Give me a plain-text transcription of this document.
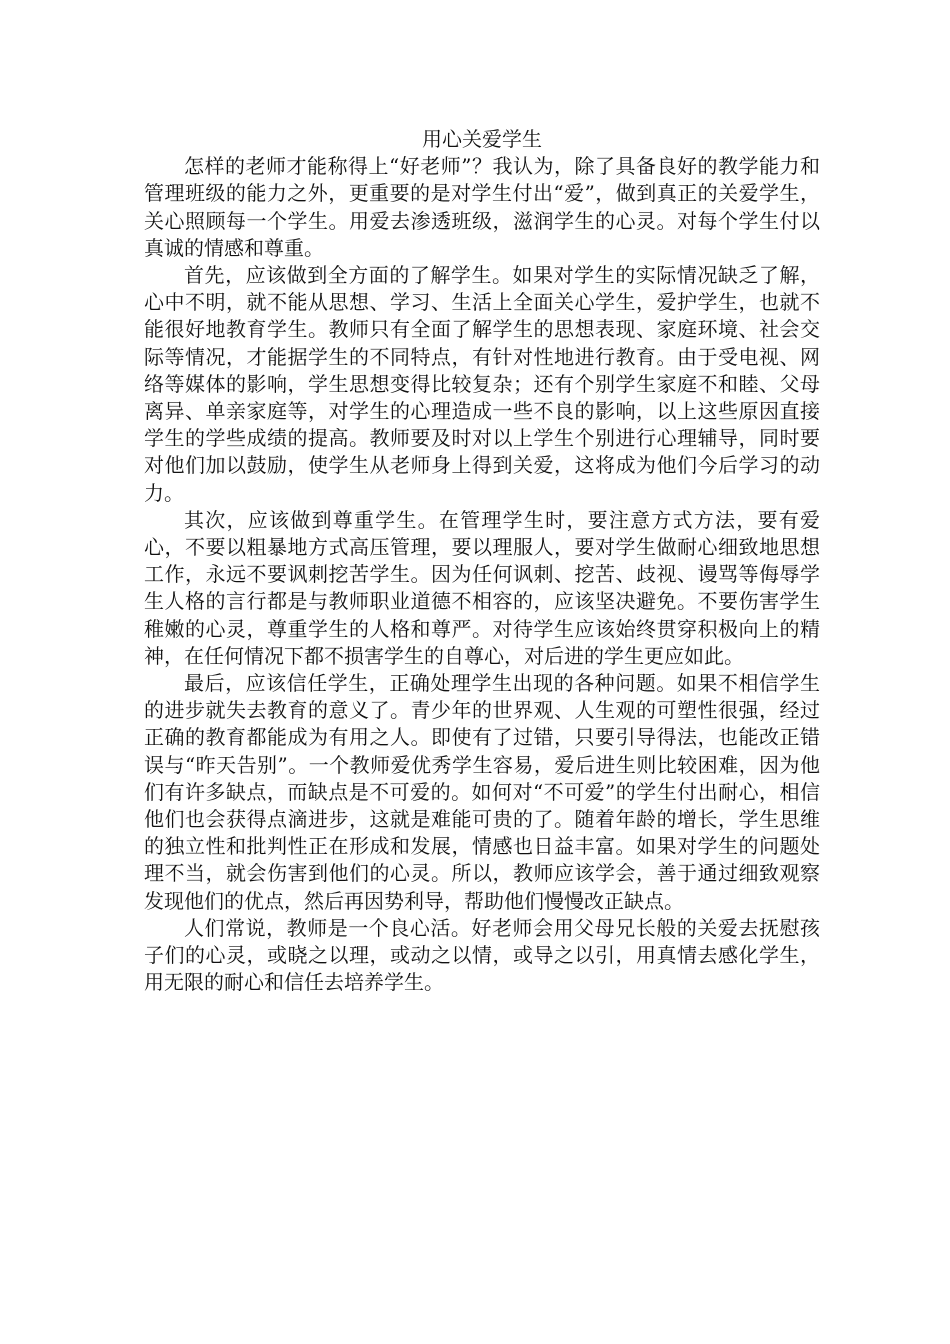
用心关爱学生

怎样的老师才能称得上“好老师”？我认为，除了具备良好的教学能力和管理班级的能力之外，更重要的是对学生付出“爱”，做到真正的关爱学生，关心照顾每一个学生。用爱去渗透班级，滋润学生的心灵。对每个学生付以真诚的情感和尊重。

首先，应该做到全方面的了解学生。如果对学生的实际情况缺乏了解，心中不明，就不能从思想、学习、生活上全面关心学生，爱护学生，也就不能很好地教育学生。教师只有全面了解学生的思想表现、家庭环境、社会交际等情况，才能据学生的不同特点，有针对性地进行教育。由于受电视、网络等媒体的影响，学生思想变得比较复杂；还有个别学生家庭不和睦、父母离异、单亲家庭等，对学生的心理造成一些不良的影响，以上这些原因直接学生的学些成绩的提高。教师要及时对以上学生个别进行心理辅导，同时要对他们加以鼓励，使学生从老师身上得到关爱，这将成为他们今后学习的动力。

其次，应该做到尊重学生。在管理学生时，要注意方式方法，要有爱心，不要以粗暴地方式高压管理，要以理服人，要对学生做耐心细致地思想工作，永远不要讽刺挖苦学生。因为任何讽刺、挖苦、歧视、谩骂等侮辱学生人格的言行都是与教师职业道德不相容的，应该坚决避免。不要伤害学生稚嫩的心灵，尊重学生的人格和尊严。对待学生应该始终贯穿积极向上的精神，在任何情况下都不损害学生的自尊心，对后进的学生更应如此。

最后，应该信任学生，正确处理学生出现的各种问题。如果不相信学生的进步就失去教育的意义了。青少年的世界观、人生观的可塑性很强，经过正确的教育都能成为有用之人。即使有了过错，只要引导得法，也能改正错误与“昨天告别”。一个教师爱优秀学生容易，爱后进生则比较困难，因为他们有许多缺点，而缺点是不可爱的。如何对“不可爱”的学生付出耐心，相信他们也会获得点滴进步，这就是难能可贵的了。随着年龄的增长，学生思维的独立性和批判性正在形成和发展，情感也日益丰富。如果对学生的问题处理不当，就会伤害到他们的心灵。所以，教师应该学会，善于通过细致观察发现他们的优点，然后再因势利导，帮助他们慢慢改正缺点。

人们常说，教师是一个良心活。好老师会用父母兄长般的关爱去抚慰孩子们的心灵，或晓之以理，或动之以情，或导之以引，用真情去感化学生，用无限的耐心和信任去培养学生。
